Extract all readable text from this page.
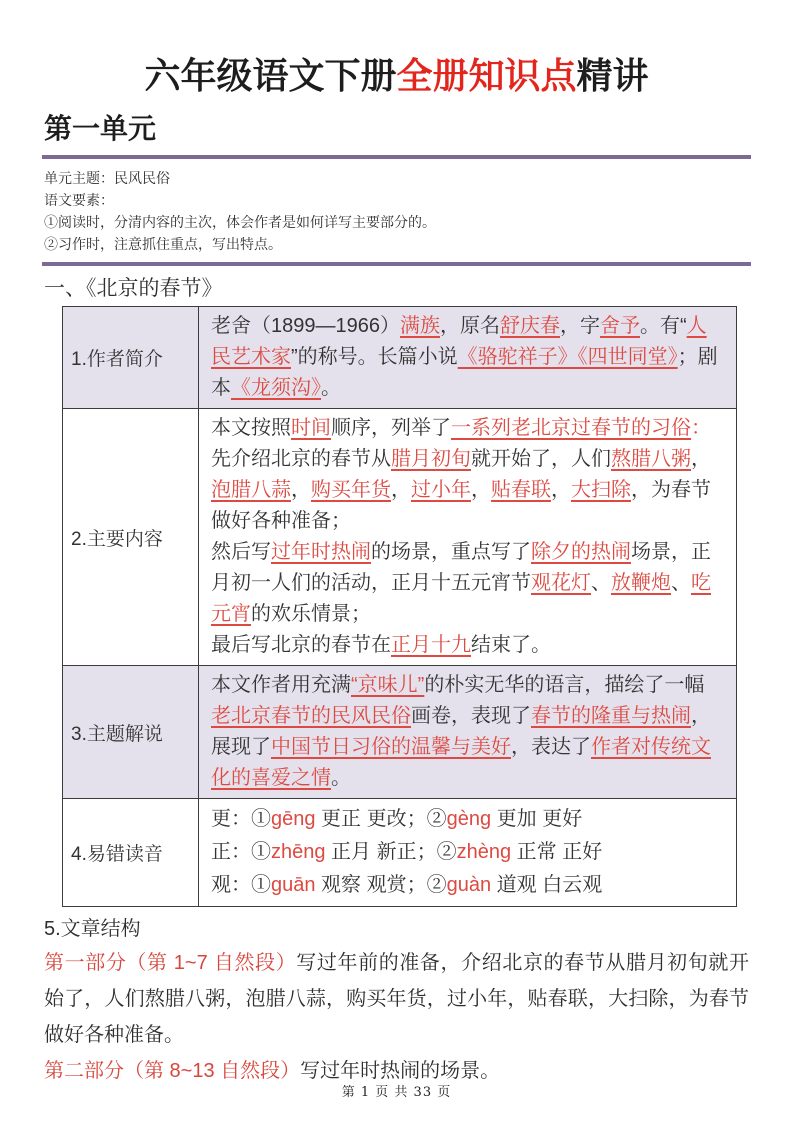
六年级语文下册全册知识点精讲
第一单元

单元主题：民风民俗

语文要素：

①阅读时，分清内容的主次，体会作者是如何详写主要部分的。

②习作时，注意抓住重点，写出特点。

一、《北京的春节》
1.作者简介	老舍（1899—1966）满族，原名舒庆春，字舍予。有“人民艺术家”的称号。长篇小说《骆驼祥子》《四世同堂》；剧本《龙须沟》。

2.主要内容	本文按照时间顺序，列举了一系列老北京过春节的习俗：先介绍北京的春节从腊月初旬就开始了，人们熬腊八粥，泡腊八蒜，购买年货，过小年，贴春联，大扫除，为春节做好各种准备；

然后写过年时热闹的场景，重点写了除夕的热闹场景，正月初一人们的活动，正月十五元宵节观花灯、放鞭炮、吃元宵的欢乐情景；

最后写北京的春节在正月十九结束了。

3.主题解说	本文作者用充满“京味儿”的朴实无华的语言，描绘了一幅老北京春节的民风民俗画卷，表现了春节的隆重与热闹，展现了中国节日习俗的温馨与美好，表达了作者对传统文化的喜爱之情。

4.易错读音	更：①gēng 更正 更改；②gèng 更加 更好

正：①zhēng 正月 新正；②zhèng 正常 正好

观：①guān 观察 观赏；②guàn 道观 白云观

5.文章结构

第一部分（第 1~7 自然段）写过年前的准备，介绍北京的春节从腊月初旬就开始了，人们熬腊八粥，泡腊八蒜，购买年货，过小年，贴春联，大扫除，为春节做好各种准备。

第二部分（第 8~13 自然段）写过年时热闹的场景。

第 1 页 共 33 页
